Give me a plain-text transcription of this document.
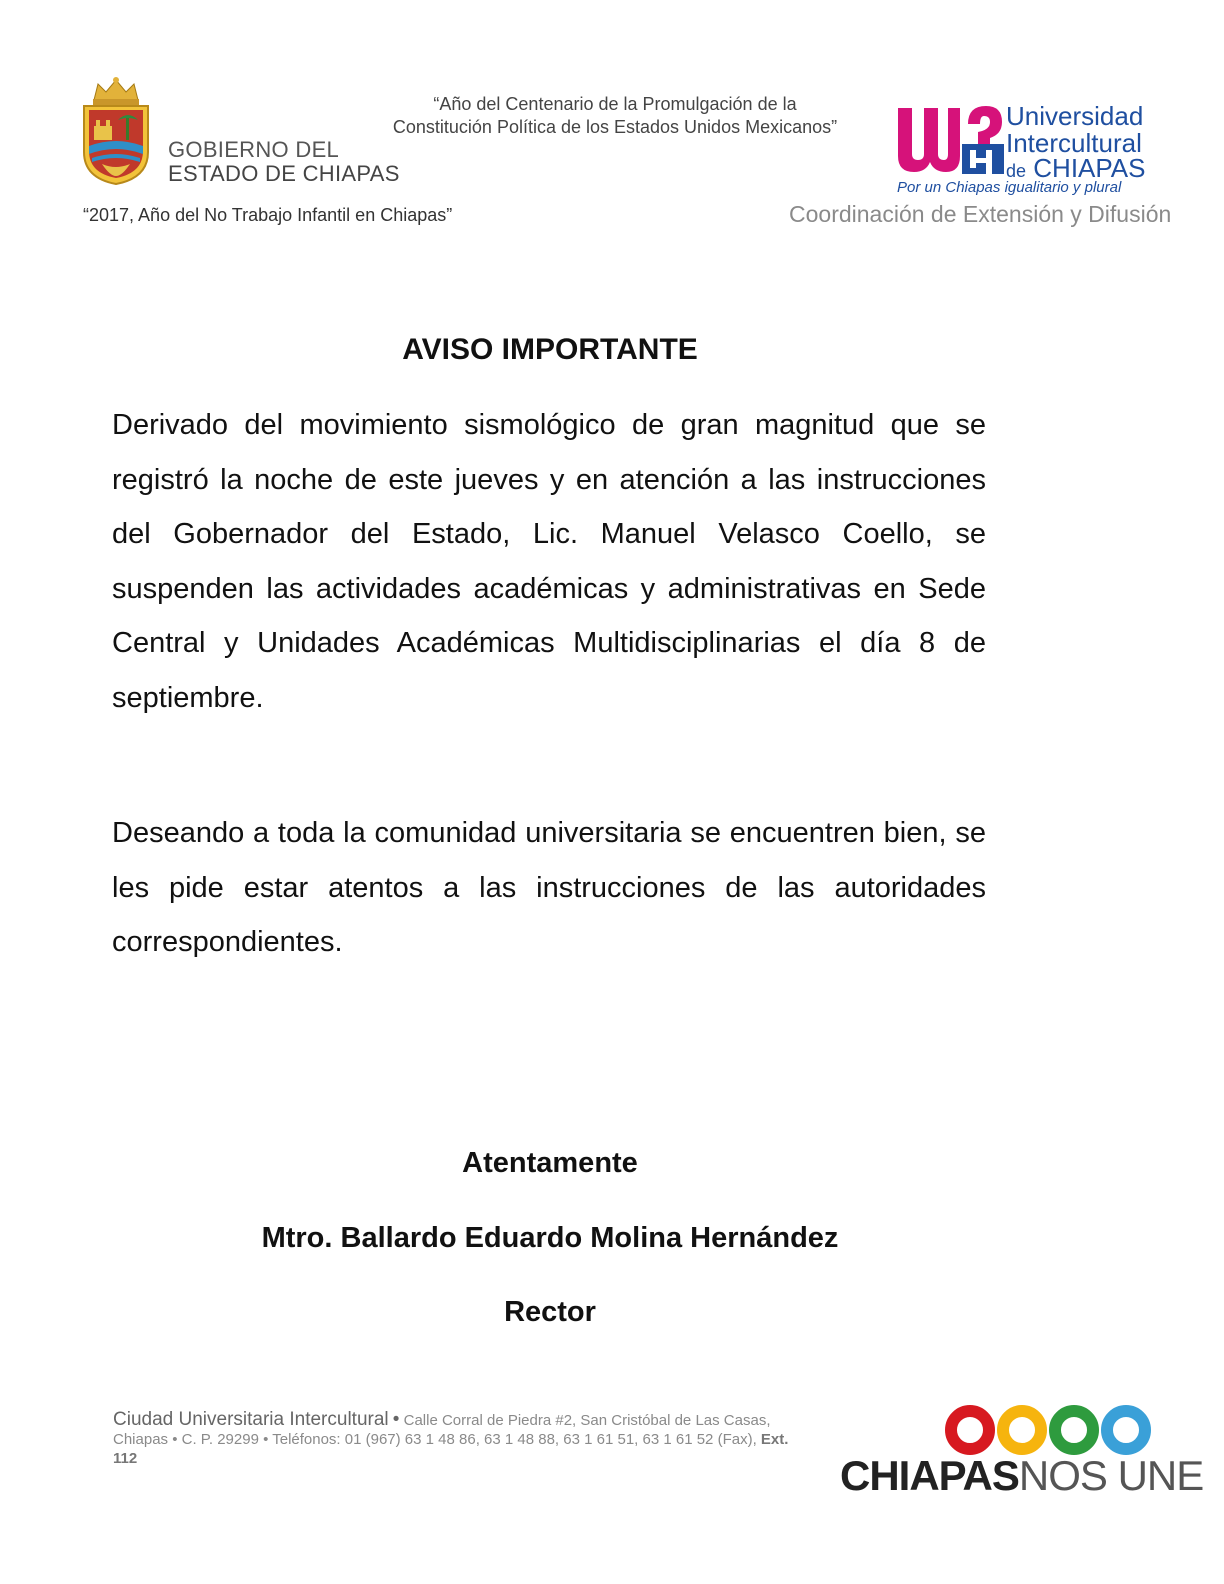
GOBIERNO DEL
ESTADO DE CHIAPAS
“2017, Año del No Trabajo Infantil en Chiapas”
“Año del Centenario de la Promulgación de la
Constitución Política de los Estados Unidos Mexicanos”	Universidad
Intercultural
de CHIAPAS
Por un Chiapas igualitario y plural
Coordinación de Extensión y Difusión
AVISO IMPORTANTE
Derivado del movimiento sismológico de gran magnitud que se registró la noche de este jueves y en atención a las instrucciones del Gobernador del Estado, Lic. Manuel Velasco Coello, se suspenden las actividades académicas y administrativas en Sede Central y Unidades Académicas Multidisciplinarias el día 8 de septiembre.
Deseando a toda la comunidad universitaria se encuentren bien, se les pide estar atentos a las instrucciones de las autoridades correspondientes.
Atentamente
Mtro. Ballardo Eduardo Molina Hernández
Rector
Ciudad Universitaria Intercultural • Calle Corral de Piedra #2, San Cristóbal de Las Casas, Chiapas • C. P. 29299 • Teléfonos: 01 (967) 63 1 48 86, 63 1 48 88, 63 1 61 51, 63 1 61 52 (Fax), Ext. 112	CHIAPASNOS UNE
